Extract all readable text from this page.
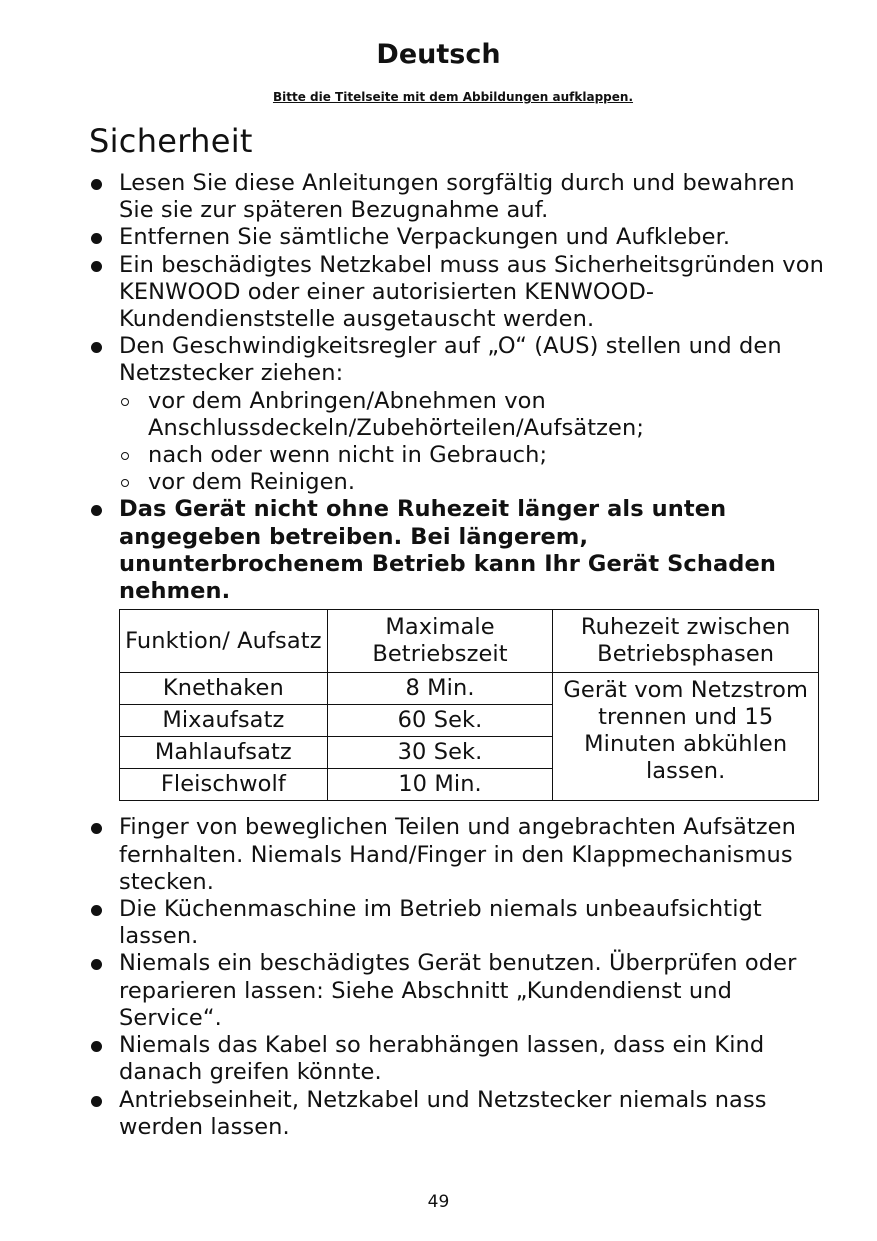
Deutsch
Bitte die Titelseite mit dem Abbildungen aufklappen.
Sicherheit
Lesen Sie diese Anleitungen sorgfältig durch und bewahren Sie sie zur späteren Bezugnahme auf.
Entfernen Sie sämtliche Verpackungen und Aufkleber.
Ein beschädigtes Netzkabel muss aus Sicherheitsgründen von KENWOOD oder einer autorisierten KENWOOD-Kundendienststelle ausgetauscht werden.
Den Geschwindigkeitsregler auf „O“ (AUS) stellen und den Netzstecker ziehen:
vor dem Anbringen/Abnehmen von Anschlussdeckeln/Zubehörteilen/Aufsätzen;
nach oder wenn nicht in Gebrauch;
vor dem Reinigen.
Das Gerät nicht ohne Ruhezeit länger als unten angegeben betreiben. Bei längerem, ununterbrochenem Betrieb kann Ihr Gerät Schaden nehmen.
Funktion/ Aufsatz	Maximale Betriebszeit	Ruhezeit zwischen Betriebsphasen
Knethaken	8 Min.	Gerät vom Netzstrom trennen und 15 Minuten abkühlen lassen.
Mixaufsatz	60 Sek.	
Mahlaufsatz	30 Sek.	
Fleischwolf	10 Min.	
Finger von beweglichen Teilen und angebrachten Aufsätzen fernhalten. Niemals Hand/Finger in den Klappmechanismus stecken.
Die Küchenmaschine im Betrieb niemals unbeaufsichtigt lassen.
Niemals ein beschädigtes Gerät benutzen. Überprüfen oder reparieren lassen: Siehe Abschnitt „Kundendienst und Service“.
Niemals das Kabel so herabhängen lassen, dass ein Kind danach greifen könnte.
Antriebseinheit, Netzkabel und Netzstecker niemals nass werden lassen.
49
